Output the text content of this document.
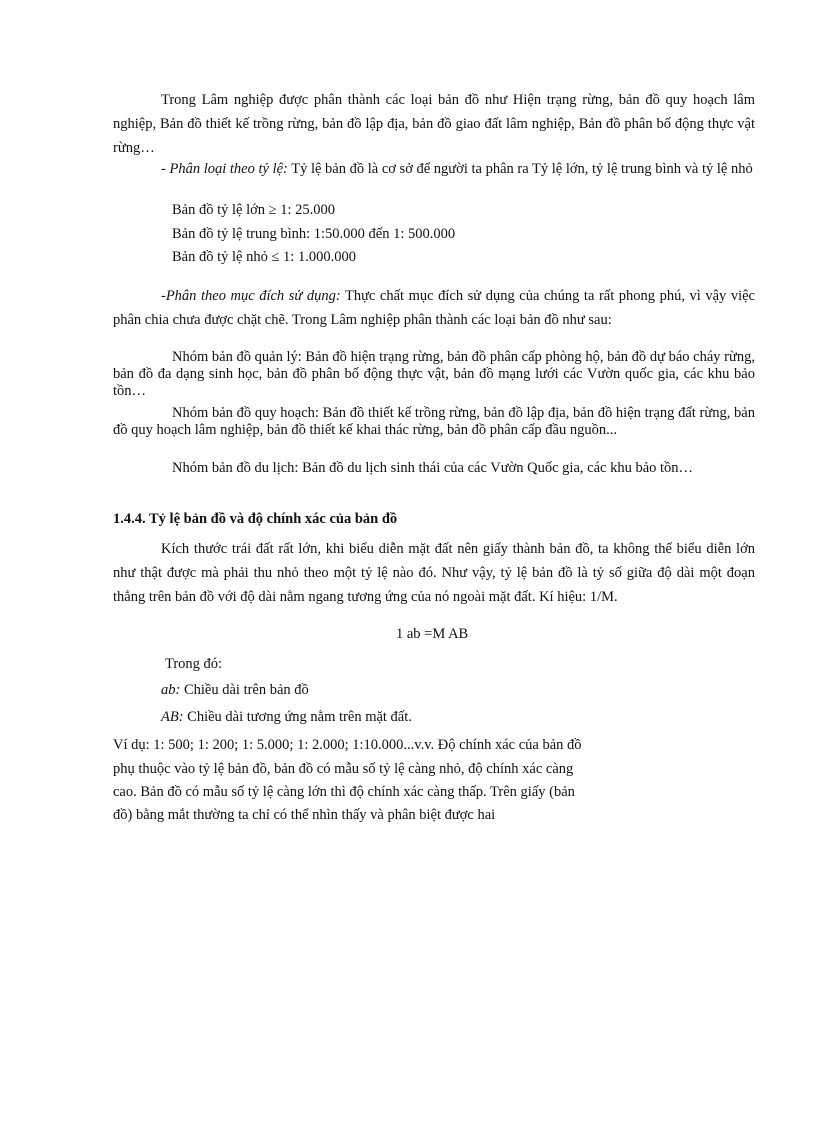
Trong Lâm nghiệp được phân thành các loại bản đồ như Hiện trạng rừng, bản đồ quy hoạch lâm nghiệp, Bản đồ thiết kế trồng rừng, bản đồ lập địa, bản đồ giao đất lâm nghiệp, Bản đồ phân bố động thực vật rừng…
- Phân loại theo tỷ lệ: Tỷ lệ bản đồ là cơ sở để người ta phân ra Tỷ lệ lớn, tỷ lệ trung bình và tỷ lệ nhỏ
Bản đồ tỷ lệ lớn ≥ 1: 25.000
Bản đồ tỷ lệ trung bình: 1:50.000 đến 1: 500.000
Bản đồ tỷ lệ nhỏ ≤ 1: 1.000.000
-Phân theo mục đích sử dụng: Thực chất mục đích sử dụng của chúng ta rất phong phú, vì vậy việc phân chia chưa được chặt chẽ. Trong Lâm nghiệp phân thành các loại bản đồ như sau:
Nhóm bản đồ quản lý: Bản đồ hiện trạng rừng, bản đồ phân cấp phòng hộ, bản đồ dự báo cháy rừng, bản đồ đa dạng sinh học, bản đồ phân bố động thực vật, bản đồ mạng lưới các Vườn quốc gia, các khu bảo tồn…
Nhóm bản đồ quy hoạch: Bản đồ thiết kế trồng rừng, bản đồ lập địa, bản đồ hiện trạng đất rừng, bản đồ quy hoạch lâm nghiệp, bản đồ thiết kế khai thác rừng, bản đồ phân cấp đầu nguồn...
Nhóm bản đồ du lịch: Bản đồ du lịch sinh thái của các Vườn Quốc gia, các khu bảo tồn…
1.4.4. Tỷ lệ bản đồ và độ chính xác của bản đồ
Kích thước trái đất rất lớn, khi biểu diễn mặt đất nên giấy thành bản đồ, ta không thể biểu diễn lớn như thật được mà phải thu nhỏ theo một tỷ lệ nào đó. Như vậy, tỷ lệ bản đồ là tỷ số giữa độ dài một đoạn thẳng trên bản đồ với độ dài nằm ngang tương ứng của nó ngoài mặt đất. Kí hiệu: 1/M.
1 ab =M AB
Trong đó:
ab: Chiều dài trên bản đồ
AB: Chiều dài tương ứng nằm trên mặt đất.
Ví dụ: 1: 500; 1: 200; 1: 5.000; 1: 2.000; 1:10.000...v.v. Độ chính xác của bản đồ
phụ thuộc vào tỷ lệ bản đồ, bản đồ có mẫu số tỷ lệ càng nhỏ, độ chính xác càng
cao. Bản đồ có mẫu số tỷ lệ càng lớn thì độ chính xác càng thấp. Trên giấy (bản
đồ) bằng mắt thường ta chỉ có thể nhìn thấy và phân biệt được hai
